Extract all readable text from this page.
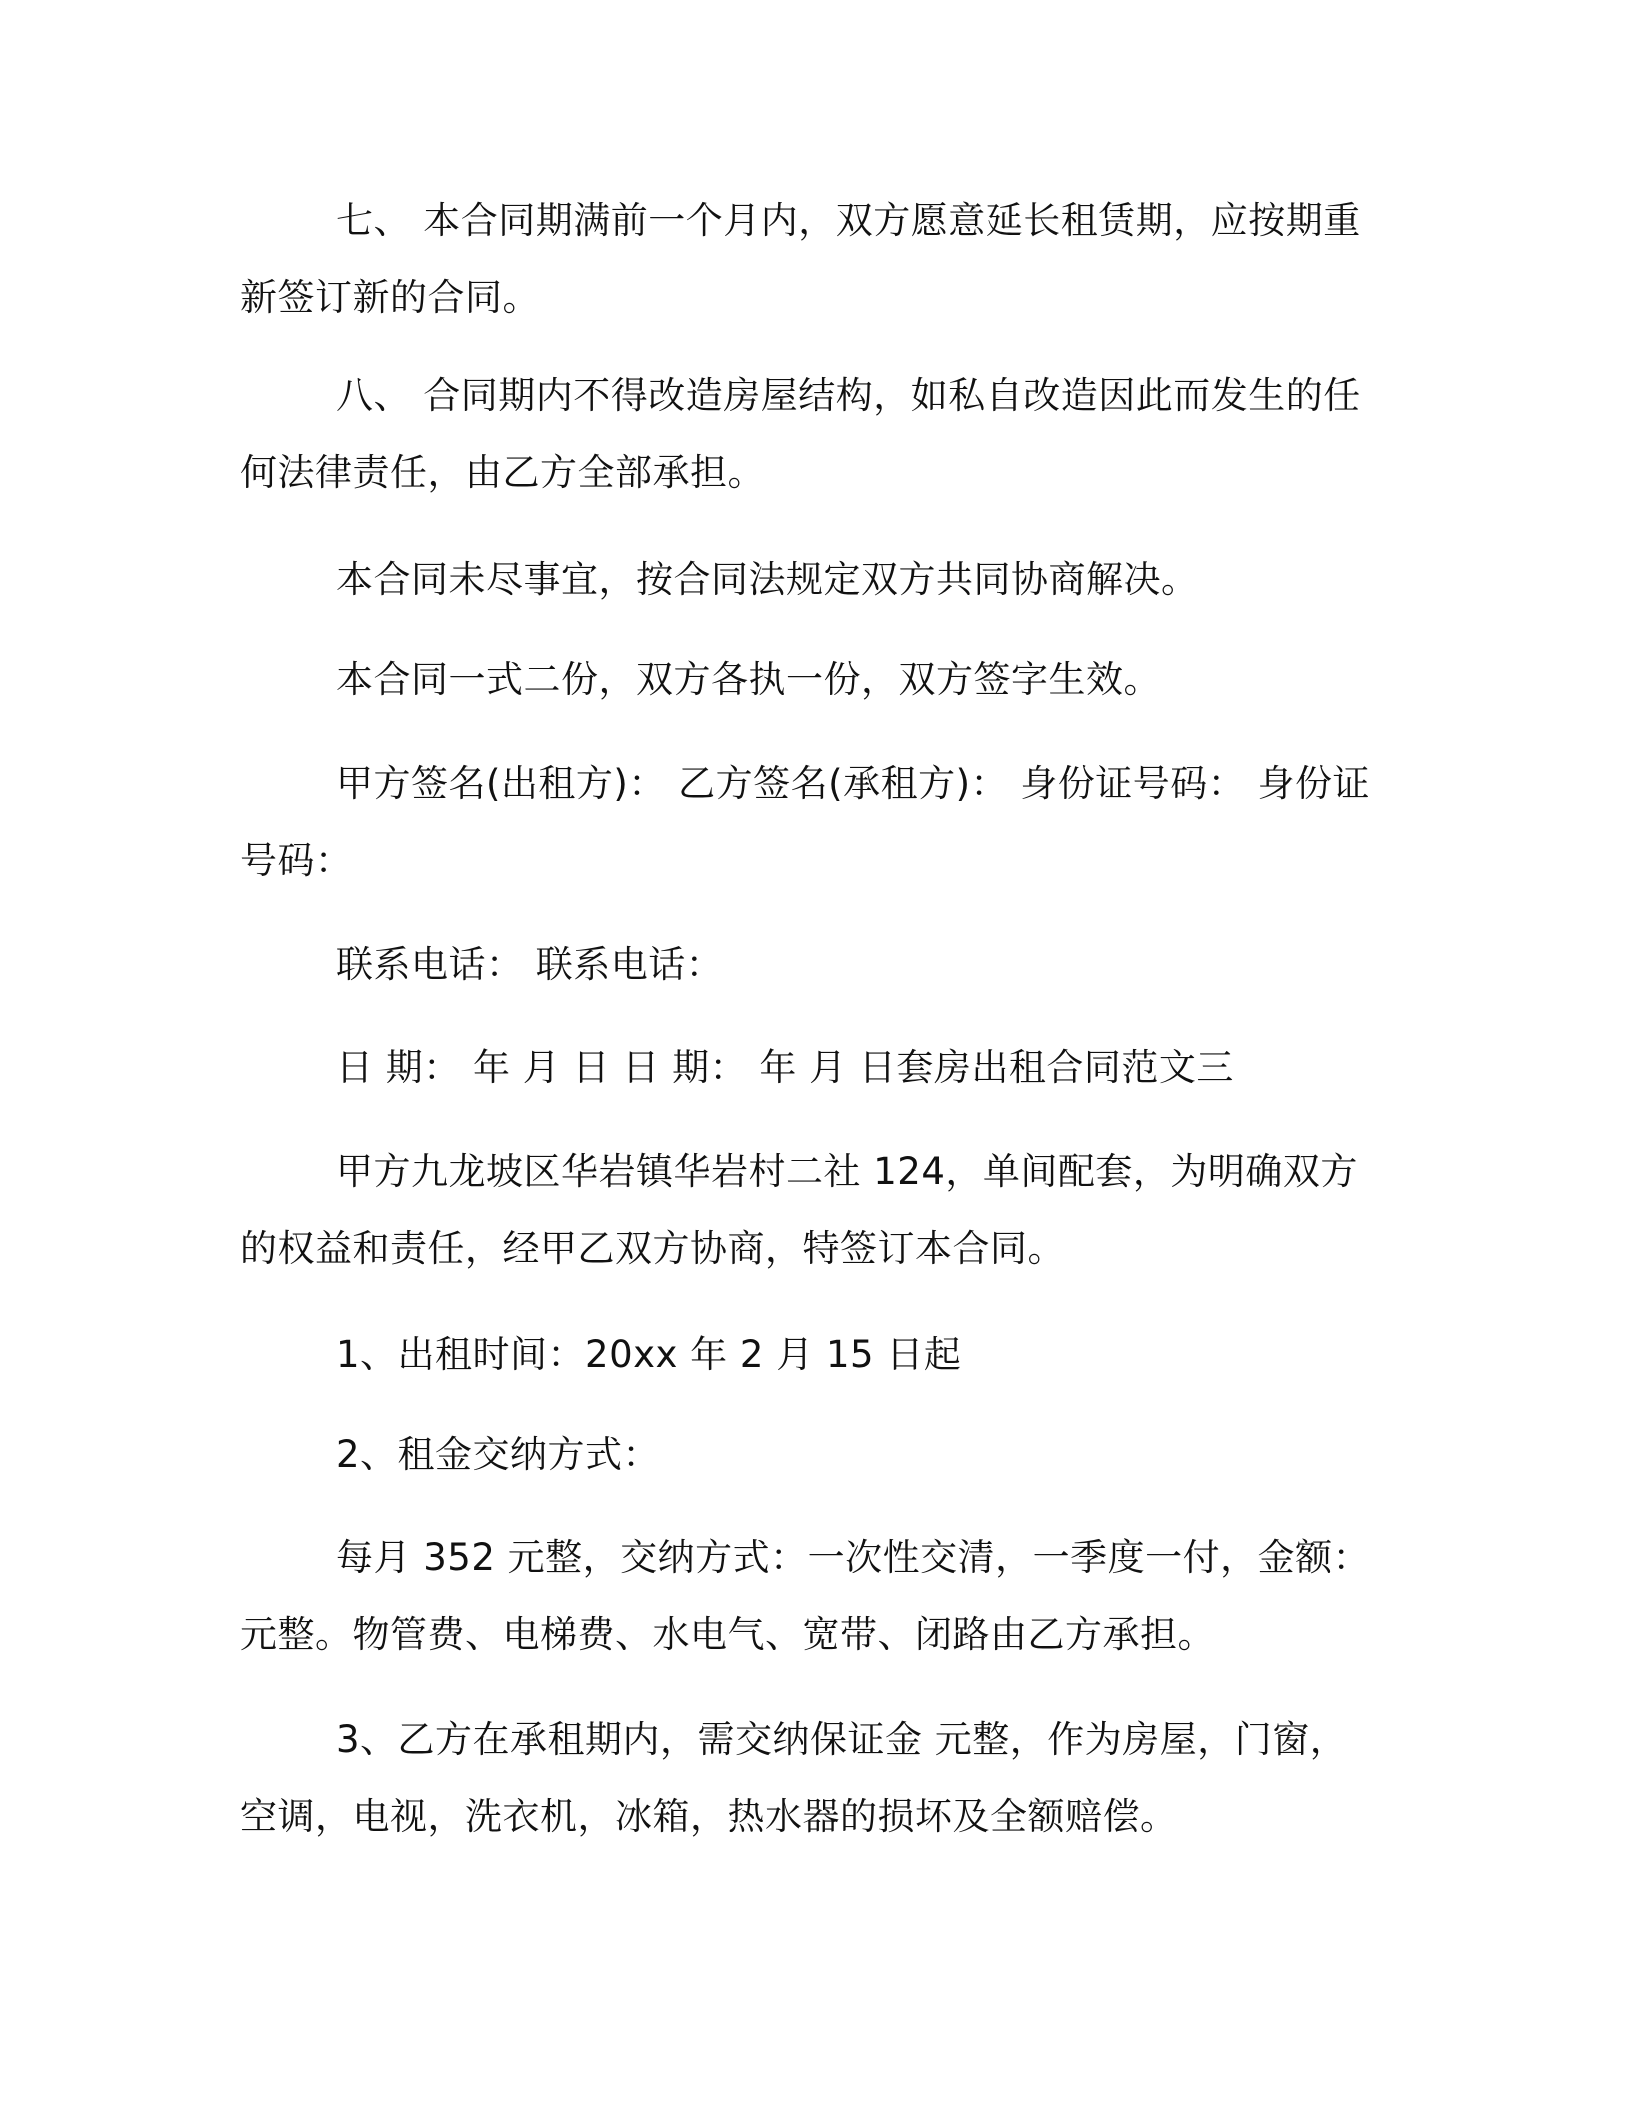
七、 本合同期满前一个月内，双方愿意延长租赁期，应按期重新签订新的合同。

八、 合同期内不得改造房屋结构，如私自改造因此而发生的任何法律责任，由乙方全部承担。

本合同未尽事宜，按合同法规定双方共同协商解决。

本合同一式二份，双方各执一份，双方签字生效。

甲方签名(出租方)： 乙方签名(承租方)： 身份证号码： 身份证号码：

联系电话： 联系电话：

日 期： 年 月 日 日 期： 年 月 日套房出租合同范文三

甲方九龙坡区华岩镇华岩村二社 124，单间配套，为明确双方的权益和责任，经甲乙双方协商，特签订本合同。

1、出租时间：20xx 年 2 月 15 日起

2、租金交纳方式：

每月 352 元整，交纳方式：一次性交清，一季度一付，金额： 元整。物管费、电梯费、水电气、宽带、闭路由乙方承担。

3、乙方在承租期内，需交纳保证金 元整，作为房屋，门窗，空调，电视，洗衣机，冰箱，热水器的损坏及全额赔偿。
